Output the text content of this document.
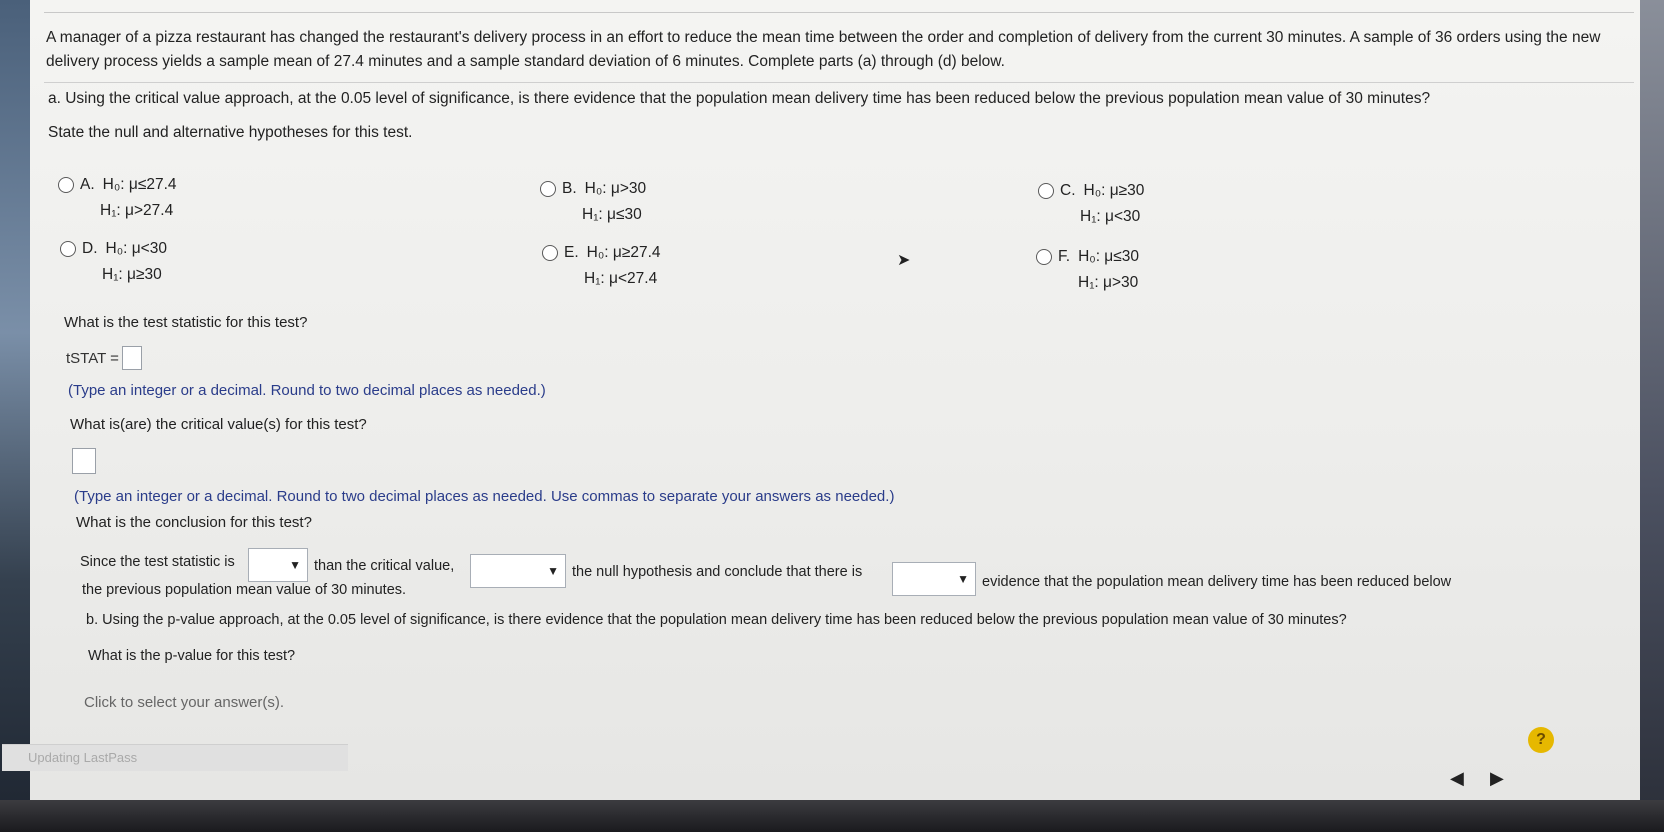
A manager of a pizza restaurant has changed the restaurant's delivery process in an effort to reduce the mean time between the order and completion of delivery from the current 30 minutes. A sample of 36 orders using the new delivery process yields a sample mean of 27.4 minutes and a sample standard deviation of 6 minutes. Complete parts (a) through (d) below.
a. Using the critical value approach, at the 0.05 level of significance, is there evidence that the population mean delivery time has been reduced below the previous population mean value of 30 minutes?
State the null and alternative hypotheses for this test.
A. H₀: μ≤27.4
H₁: μ>27.4
B. H₀: μ>30
H₁: μ≤30
C. H₀: μ≥30
H₁: μ<30
D. H₀: μ<30
H₁: μ≥30
E. H₀: μ≥27.4
H₁: μ<27.4
F. H₀: μ≤30
H₁: μ>30
What is the test statistic for this test?
tSTAT =
(Type an integer or a decimal. Round to two decimal places as needed.)
What is(are) the critical value(s) for this test?
(Type an integer or a decimal. Round to two decimal places as needed. Use commas to separate your answers as needed.)
What is the conclusion for this test?
Since the test statistic is	▼ than the critical value,	▼ the null hypothesis and conclude that there is	▼ evidence that the population mean delivery time has been reduced below
the previous population mean value of 30 minutes.
b. Using the p-value approach, at the 0.05 level of significance, is there evidence that the population mean delivery time has been reduced below the previous population mean value of 30 minutes?
What is the p-value for this test?
Click to select your answer(s).
?
Updating LastPass
➤
◀ ▶
